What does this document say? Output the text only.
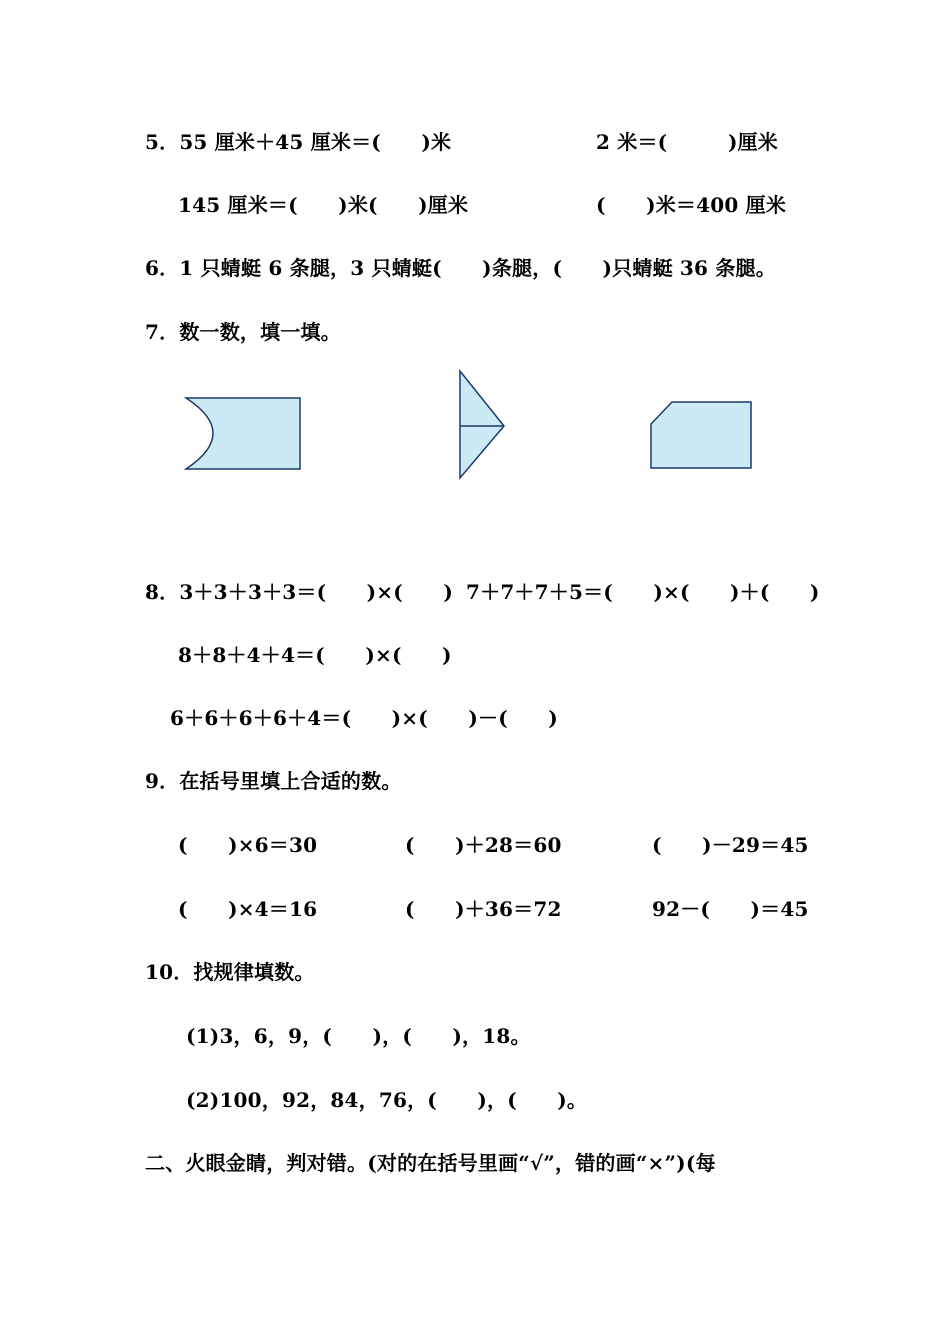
5．55 厘米＋45 厘米＝(　　)米	2 米＝(　　　)厘米
145 厘米＝(　　)米(　　)厘米	(　　)米＝400 厘米
6．1 只蜻蜓 6 条腿，3 只蜻蜓(　　)条腿，(　　)只蜻蜓 36 条腿。
7．数一数，填一填。
8．3＋3＋3＋3＝(　　)×(　　) 7＋7＋7＋5＝(　　)×(　　)＋(　　)
8＋8＋4＋4＝(　　)×(　　)
6＋6＋6＋6＋4＝(　　)×(　　)－(　　)
9．在括号里填上合适的数。
(　　)×6＝30	(　　)＋28＝60	(　　)－29＝45
(　　)×4＝16	(　　)＋36＝72	92－(　　)＝45
10．找规律填数。
(1)3，6，9，(　　)，(　　)，18。
(2)100，92，84，76，(　　)，(　　)。
二、火眼金睛，判对错。(对的在括号里画“√”，错的画“×”)(每
